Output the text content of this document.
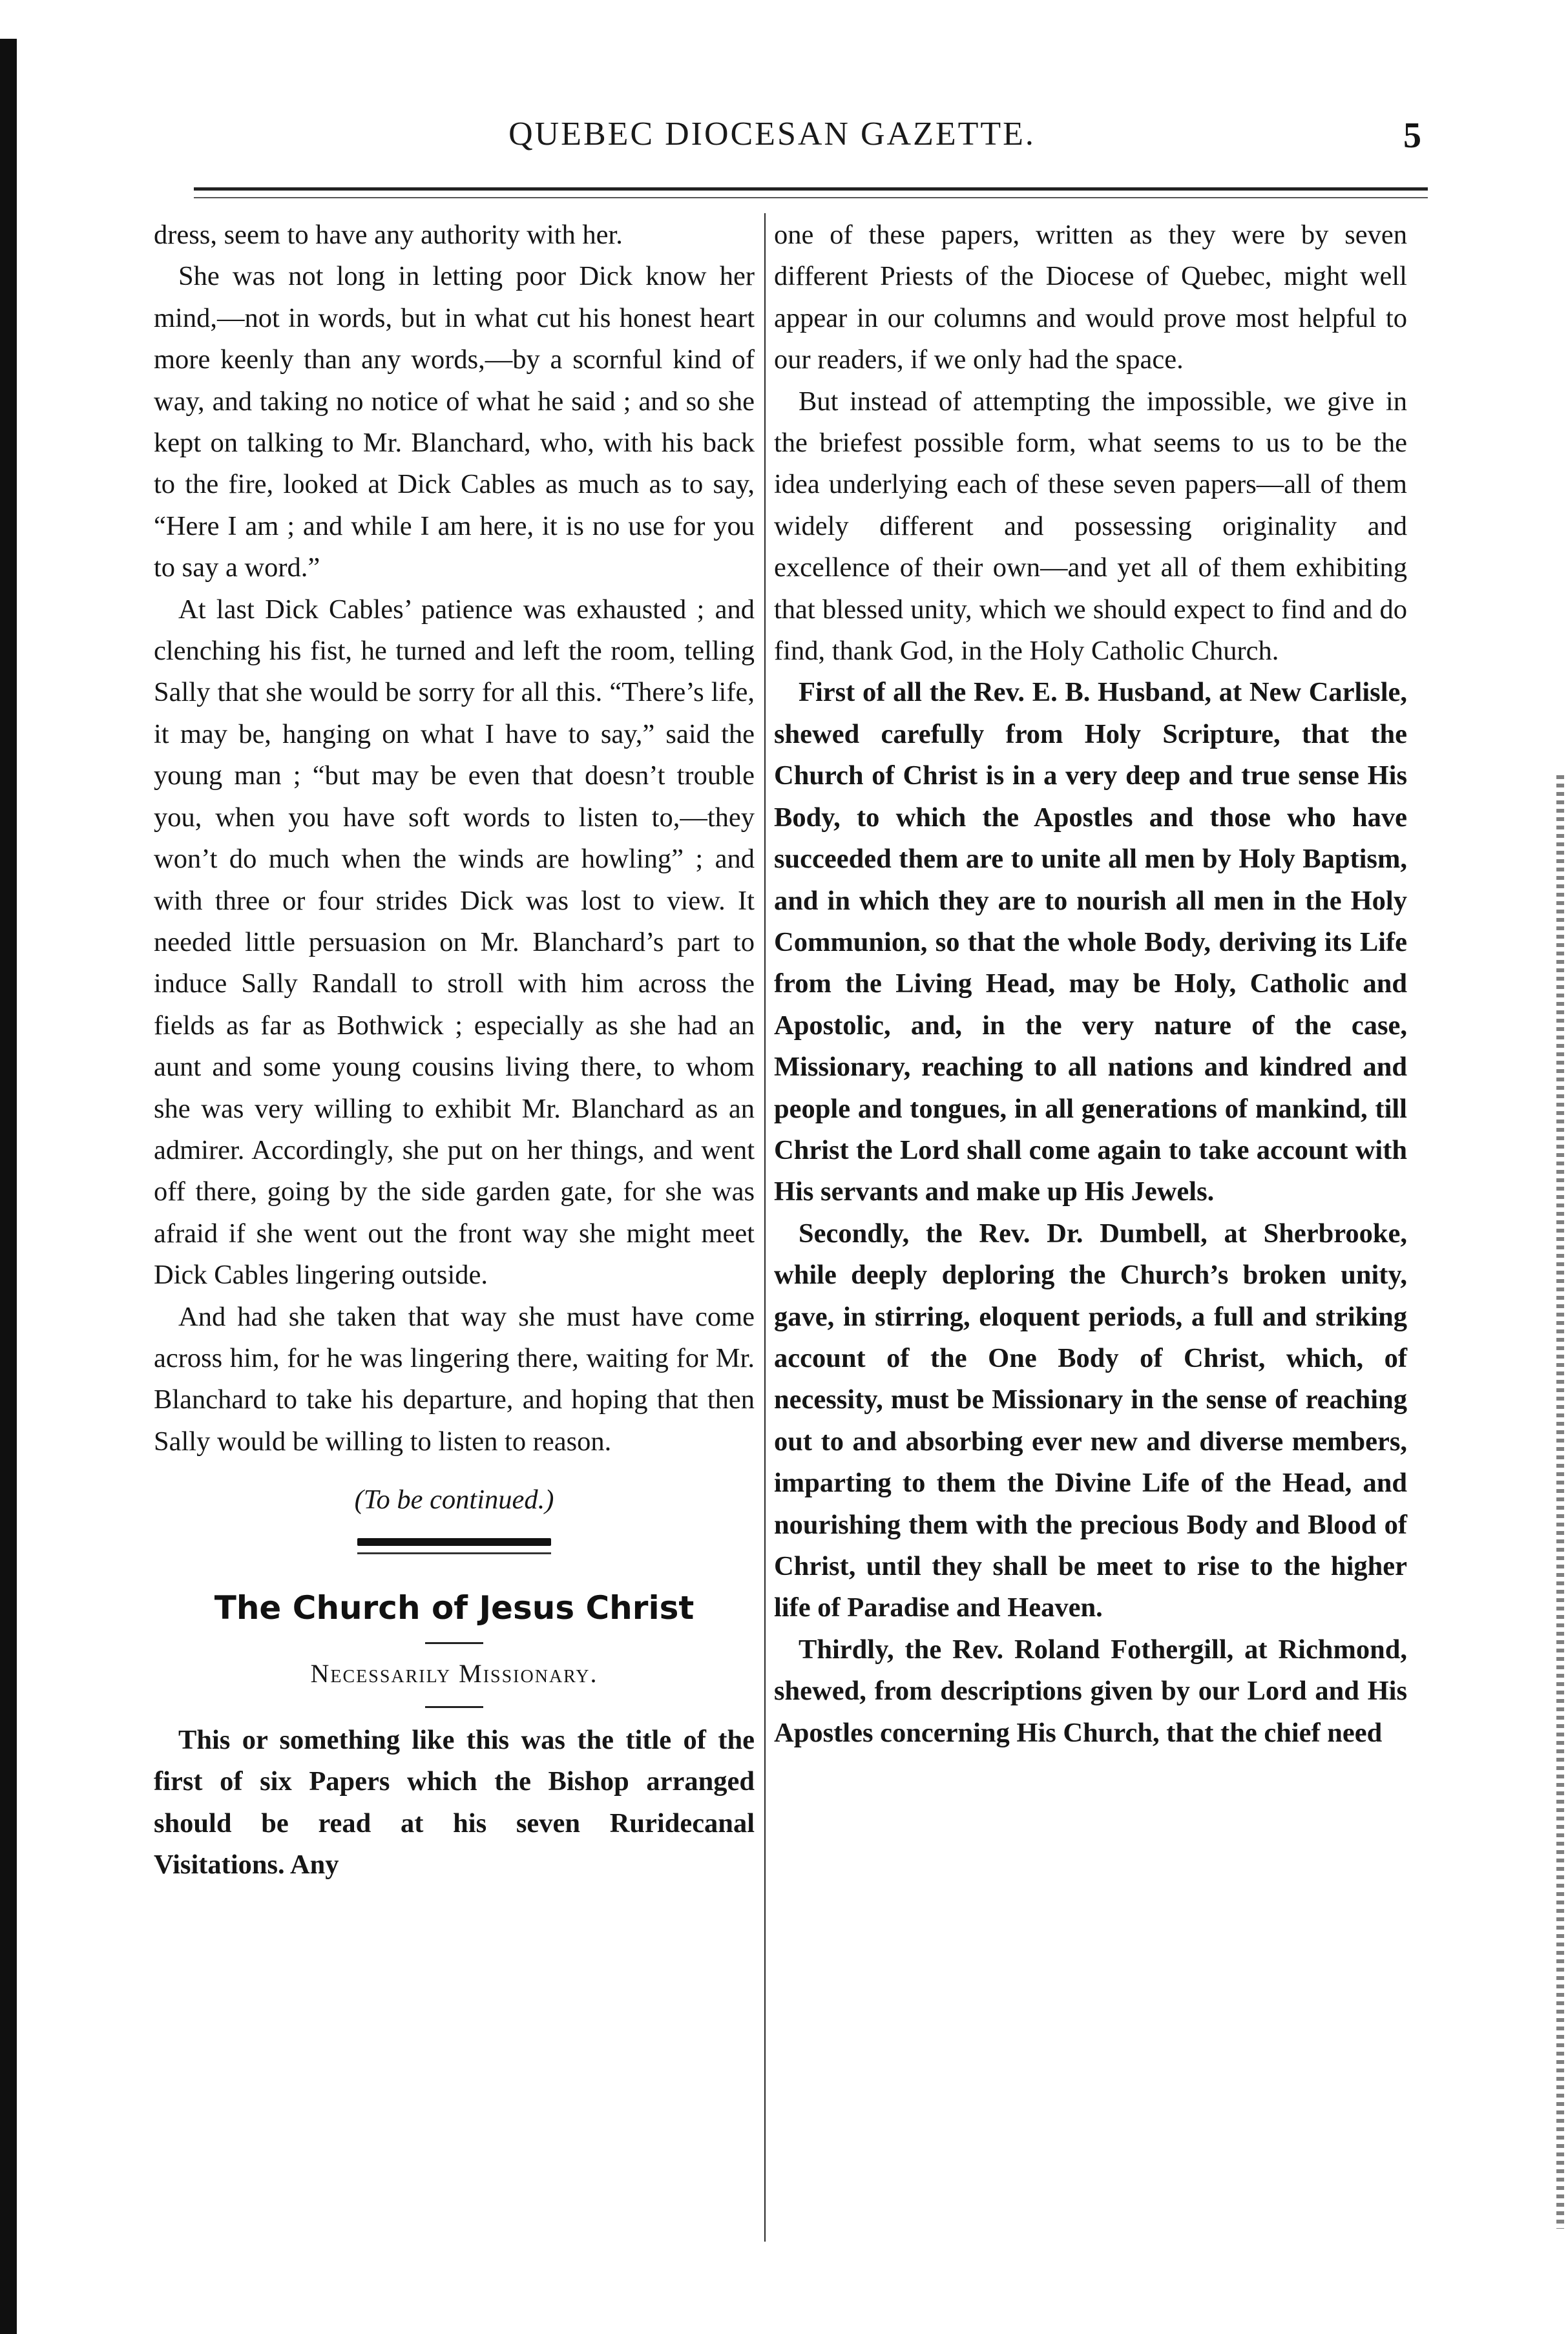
QUEBEC DIOCESAN GAZETTE.	5

dress, seem to have any authority with her.

She was not long in letting poor Dick know her mind,—not in words, but in what cut his honest heart more keenly than any words,—by a scornful kind of way, and taking no notice of what he said ; and so she kept on talking to Mr. Blanchard, who, with his back to the fire, looked at Dick Cables as much as to say, “Here I am ; and while I am here, it is no use for you to say a word.”

At last Dick Cables’ patience was exhausted ; and clenching his fist, he turned and left the room, telling Sally that she would be sorry for all this. “There’s life, it may be, hanging on what I have to say,” said the young man ; “but may be even that doesn’t trouble you, when you have soft words to listen to,—they won’t do much when the winds are howling” ; and with three or four strides Dick was lost to view. It needed little persuasion on Mr. Blanchard’s part to induce Sally Randall to stroll with him across the fields as far as Bothwick ; especially as she had an aunt and some young cousins living there, to whom she was very willing to exhibit Mr. Blanchard as an admirer. Accordingly, she put on her things, and went off there, going by the side garden gate, for she was afraid if she went out the front way she might meet Dick Cables lingering outside.

And had she taken that way she must have come across him, for he was lingering there, waiting for Mr. Blanchard to take his departure, and hoping that then Sally would be willing to listen to reason.

(To be continued.)
The Church of Jesus Christ
Necessarily Missionary.

This or something like this was the title of the first of six Papers which the Bishop arranged should be read at his seven Ruridecanal Visitations. Any

one of these papers, written as they were by seven different Priests of the Diocese of Quebec, might well appear in our columns and would prove most helpful to our readers, if we only had the space.

But instead of attempting the impossible, we give in the briefest possible form, what seems to us to be the idea underlying each of these seven papers—all of them widely different and possessing originality and excellence of their own—and yet all of them exhibiting that blessed unity, which we should expect to find and do find, thank God, in the Holy Catholic Church.

First of all the Rev. E. B. Husband, at New Carlisle, shewed carefully from Holy Scripture, that the Church of Christ is in a very deep and true sense His Body, to which the Apostles and those who have succeeded them are to unite all men by Holy Baptism, and in which they are to nourish all men in the Holy Communion, so that the whole Body, deriving its Life from the Living Head, may be Holy, Catholic and Apostolic, and, in the very nature of the case, Missionary, reaching to all nations and kindred and people and tongues, in all generations of mankind, till Christ the Lord shall come again to take account with His servants and make up His Jewels.

Secondly, the Rev. Dr. Dumbell, at Sherbrooke, while deeply deploring the Church’s broken unity, gave, in stirring, eloquent periods, a full and striking account of the One Body of Christ, which, of necessity, must be Missionary in the sense of reaching out to and absorbing ever new and diverse members, imparting to them the Divine Life of the Head, and nourishing them with the precious Body and Blood of Christ, until they shall be meet to rise to the higher life of Paradise and Heaven.

Thirdly, the Rev. Roland Fothergill, at Richmond, shewed, from descriptions given by our Lord and His Apostles concerning His Church, that the chief need
